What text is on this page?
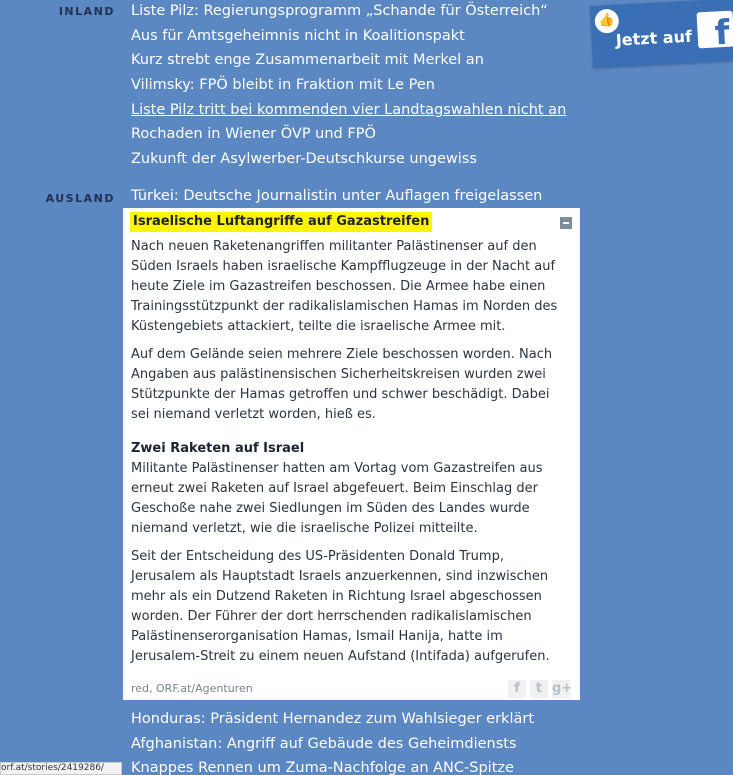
INLAND Liste Pilz: Regierungsprogramm „Schande für Österreich“
Aus für Amtsgeheimnis nicht in Koalitionspakt
Kurz strebt enge Zusammenarbeit mit Merkel an
Vilimsky: FPÖ bleibt in Fraktion mit Le Pen
Liste Pilz tritt bei kommenden vier Landtagswahlen nicht an
Rochaden in Wiener ÖVP und FPÖ
Zukunft der Asylwerber-Deutschkurse ungewiss
👍
Jetzt auf f
AUSLAND Türkei: Deutsche Journalistin unter Auflagen freigelassen
Israelische Luftangriffe auf Gazastreifen

Nach neuen Raketenangriffen militanter Palästinenser auf den Süden Israels haben israelische Kampfflugzeuge in der Nacht auf heute Ziele im Gazastreifen beschossen. Die Armee habe einen Trainingsstützpunkt der radikalislamischen Hamas im Norden des Küstengebiets attackiert, teilte die israelische Armee mit.

Auf dem Gelände seien mehrere Ziele beschossen worden. Nach Angaben aus palästinensischen Sicherheitskreisen wurden zwei Stützpunkte der Hamas getroffen und schwer beschädigt. Dabei sei niemand verletzt worden, hieß es.

Zwei Raketen auf Israel

Militante Palästinenser hatten am Vortag vom Gazastreifen aus erneut zwei Raketen auf Israel abgefeuert. Beim Einschlag der Geschoße nahe zwei Siedlungen im Süden des Landes wurde niemand verletzt, wie die israelische Polizei mitteilte.

Seit der Entscheidung des US-Präsidenten Donald Trump, Jerusalem als Hauptstadt Israels anzuerkennen, sind inzwischen mehr als ein Dutzend Raketen in Richtung Israel abgeschossen worden. Der Führer der dort herrschenden radikalislamischen Palästinenserorganisation Hamas, Ismail Hanija, hatte im Jerusalem-Streit zu einem neuen Aufstand (Intifada) aufgerufen.

red, ORF.at/Agenturen	f	t g+
Honduras: Präsident Hernandez zum Wahlsieger erklärt
Afghanistan: Angriff auf Gebäude des Geheimdiensts
Knappes Rennen um Zuma-Nachfolge an ANC-Spitze
orf.at/stories/2419286/
